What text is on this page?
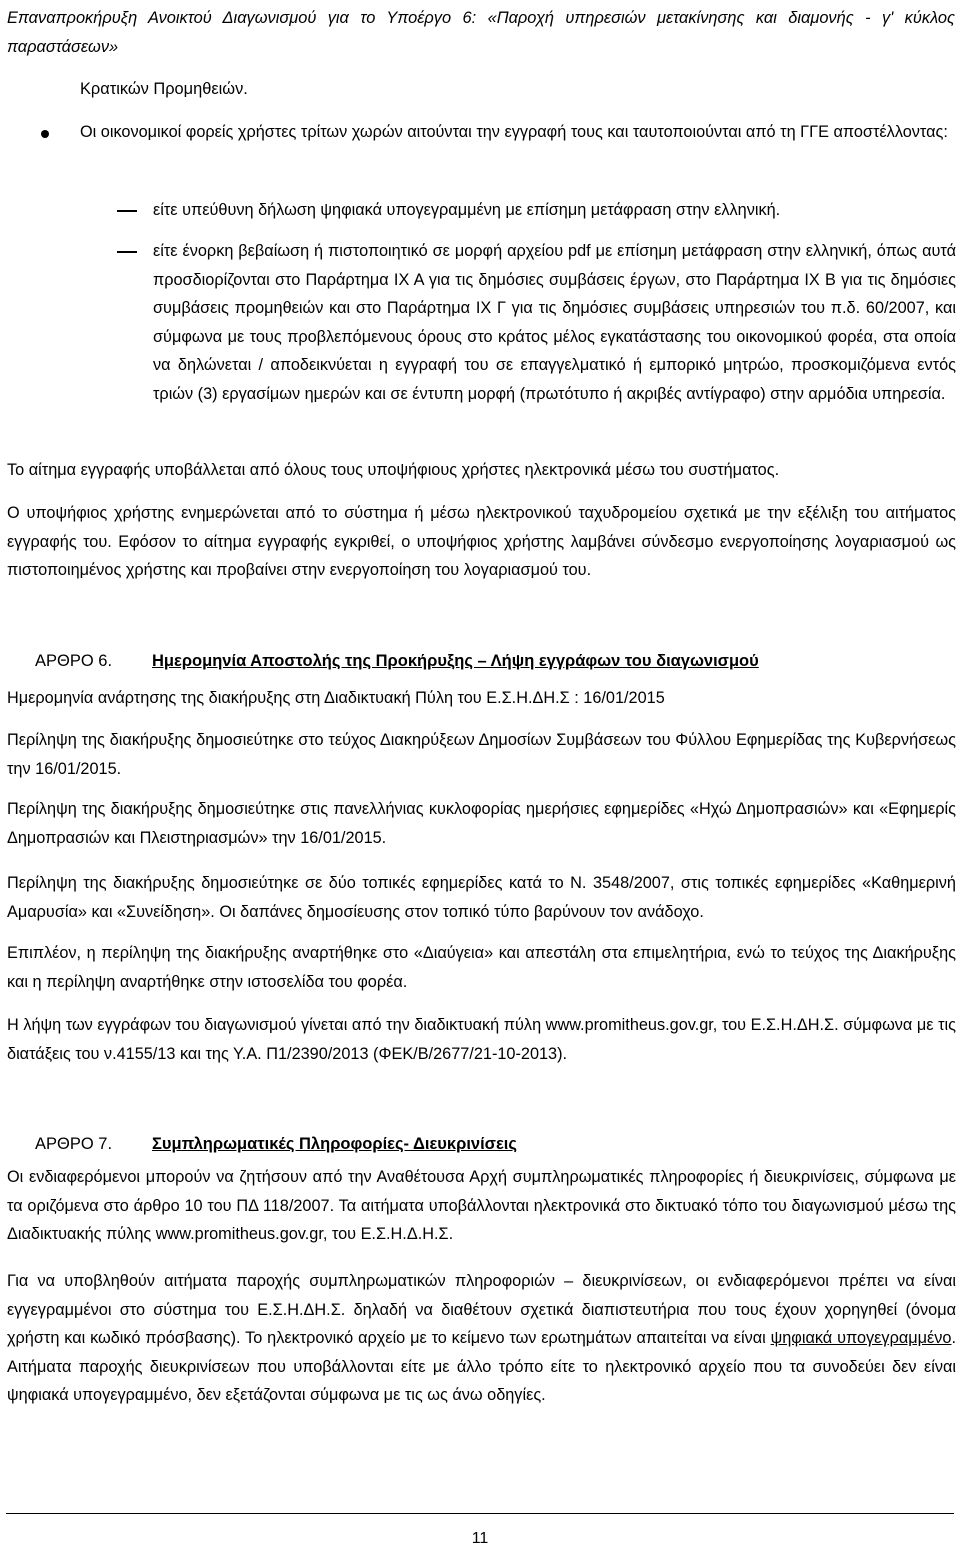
Επαναπροκήρυξη Ανοικτού Διαγωνισμού για το Υποέργο 6: «Παροχή υπηρεσιών μετακίνησης και διαμονής - γ' κύκλος παραστάσεων»
Κρατικών Προμηθειών.
Οι οικονομικοί φορείς χρήστες τρίτων χωρών αιτούνται την εγγραφή τους και ταυτοποιούνται από τη ΓΓΕ αποστέλλοντας:
είτε υπεύθυνη δήλωση ψηφιακά υπογεγραμμένη με επίσημη μετάφραση στην ελληνική.
είτε ένορκη βεβαίωση ή πιστοποιητικό σε μορφή αρχείου pdf με επίσημη μετάφραση στην ελληνική, όπως αυτά προσδιορίζονται στο Παράρτημα IX A για τις δημόσιες συμβάσεις έργων, στο Παράρτημα IX B για τις δημόσιες συμβάσεις προμηθειών και στο Παράρτημα IX Γ για τις δημόσιες συμβάσεις υπηρεσιών του π.δ. 60/2007, και σύμφωνα με τους προβλεπόμενους όρους στο κράτος μέλος εγκατάστασης του οικονομικού φορέα, στα οποία να δηλώνεται / αποδεικνύεται η εγγραφή του σε επαγγελματικό ή εμπορικό μητρώο, προσκομιζόμενα εντός τριών (3) εργασίμων ημερών και σε έντυπη μορφή (πρωτότυπο ή ακριβές αντίγραφο) στην αρμόδια υπηρεσία.
Το αίτημα εγγραφής υποβάλλεται από όλους τους υποψήφιους χρήστες ηλεκτρονικά μέσω του συστήματος.
Ο υποψήφιος χρήστης ενημερώνεται από το σύστημα ή μέσω ηλεκτρονικού ταχυδρομείου σχετικά με την εξέλιξη του αιτήματος εγγραφής του. Εφόσον το αίτημα εγγραφής εγκριθεί, ο υποψήφιος χρήστης λαμβάνει σύνδεσμο ενεργοποίησης λογαριασμού ως πιστοποιημένος χρήστης και προβαίνει στην ενεργοποίηση του λογαριασμού του.
ΑΡΘΡΟ 6. Ημερομηνία Αποστολής της Προκήρυξης – Λήψη εγγράφων του διαγωνισμού
Ημερομηνία ανάρτησης της διακήρυξης στη Διαδικτυακή Πύλη του Ε.Σ.Η.ΔΗ.Σ : 16/01/2015
Περίληψη της διακήρυξης δημοσιεύτηκε στο τεύχος Διακηρύξεων Δημοσίων Συμβάσεων του Φύλλου Εφημερίδας της Κυβερνήσεως την 16/01/2015.
Περίληψη της διακήρυξης δημοσιεύτηκε στις πανελλήνιας κυκλοφορίας ημερήσιες εφημερίδες «Ηχώ Δημοπρασιών» και «Εφημερίς Δημοπρασιών και Πλειστηριασμών» την 16/01/2015.
Περίληψη της διακήρυξης δημοσιεύτηκε σε δύο τοπικές εφημερίδες κατά το Ν. 3548/2007, στις τοπικές εφημερίδες «Καθημερινή Αμαρυσία» και «Συνείδηση». Οι δαπάνες δημοσίευσης στον τοπικό τύπο βαρύνουν τον ανάδοχο.
Επιπλέον, η περίληψη της διακήρυξης αναρτήθηκε στο «Διαύγεια» και απεστάλη στα επιμελητήρια, ενώ το τεύχος της Διακήρυξης και η περίληψη αναρτήθηκε στην ιστοσελίδα του φορέα.
Η λήψη των εγγράφων του διαγωνισμού γίνεται από την διαδικτυακή πύλη www.promitheus.gov.gr, του Ε.Σ.Η.ΔΗ.Σ. σύμφωνα με τις διατάξεις του ν.4155/13 και της Υ.Α. Π1/2390/2013 (ΦΕΚ/Β/2677/21-10-2013).
ΑΡΘΡΟ 7. Συμπληρωματικές Πληροφορίες- Διευκρινίσεις
Οι ενδιαφερόμενοι μπορούν να ζητήσουν από την Αναθέτουσα Αρχή συμπληρωματικές πληροφορίες ή διευκρινίσεις, σύμφωνα με τα οριζόμενα στο άρθρο 10 του ΠΔ 118/2007. Τα αιτήματα υποβάλλονται ηλεκτρονικά στο δικτυακό τόπο του διαγωνισμού μέσω της Διαδικτυακής πύλης www.promitheus.gov.gr, του Ε.Σ.Η.Δ.Η.Σ.
Για να υποβληθούν αιτήματα παροχής συμπληρωματικών πληροφοριών – διευκρινίσεων, οι ενδιαφερόμενοι πρέπει να είναι εγγεγραμμένοι στο σύστημα του Ε.Σ.Η.ΔΗ.Σ. δηλαδή να διαθέτουν σχετικά διαπιστευτήρια που τους έχουν χορηγηθεί (όνομα χρήστη και κωδικό πρόσβασης). Το ηλεκτρονικό αρχείο με το κείμενο των ερωτημάτων απαιτείται να είναι ψηφιακά υπογεγραμμένο. Αιτήματα παροχής διευκρινίσεων που υποβάλλονται είτε με άλλο τρόπο είτε το ηλεκτρονικό αρχείο που τα συνοδεύει δεν είναι ψηφιακά υπογεγραμμένο, δεν εξετάζονται σύμφωνα με τις ως άνω οδηγίες.
11
